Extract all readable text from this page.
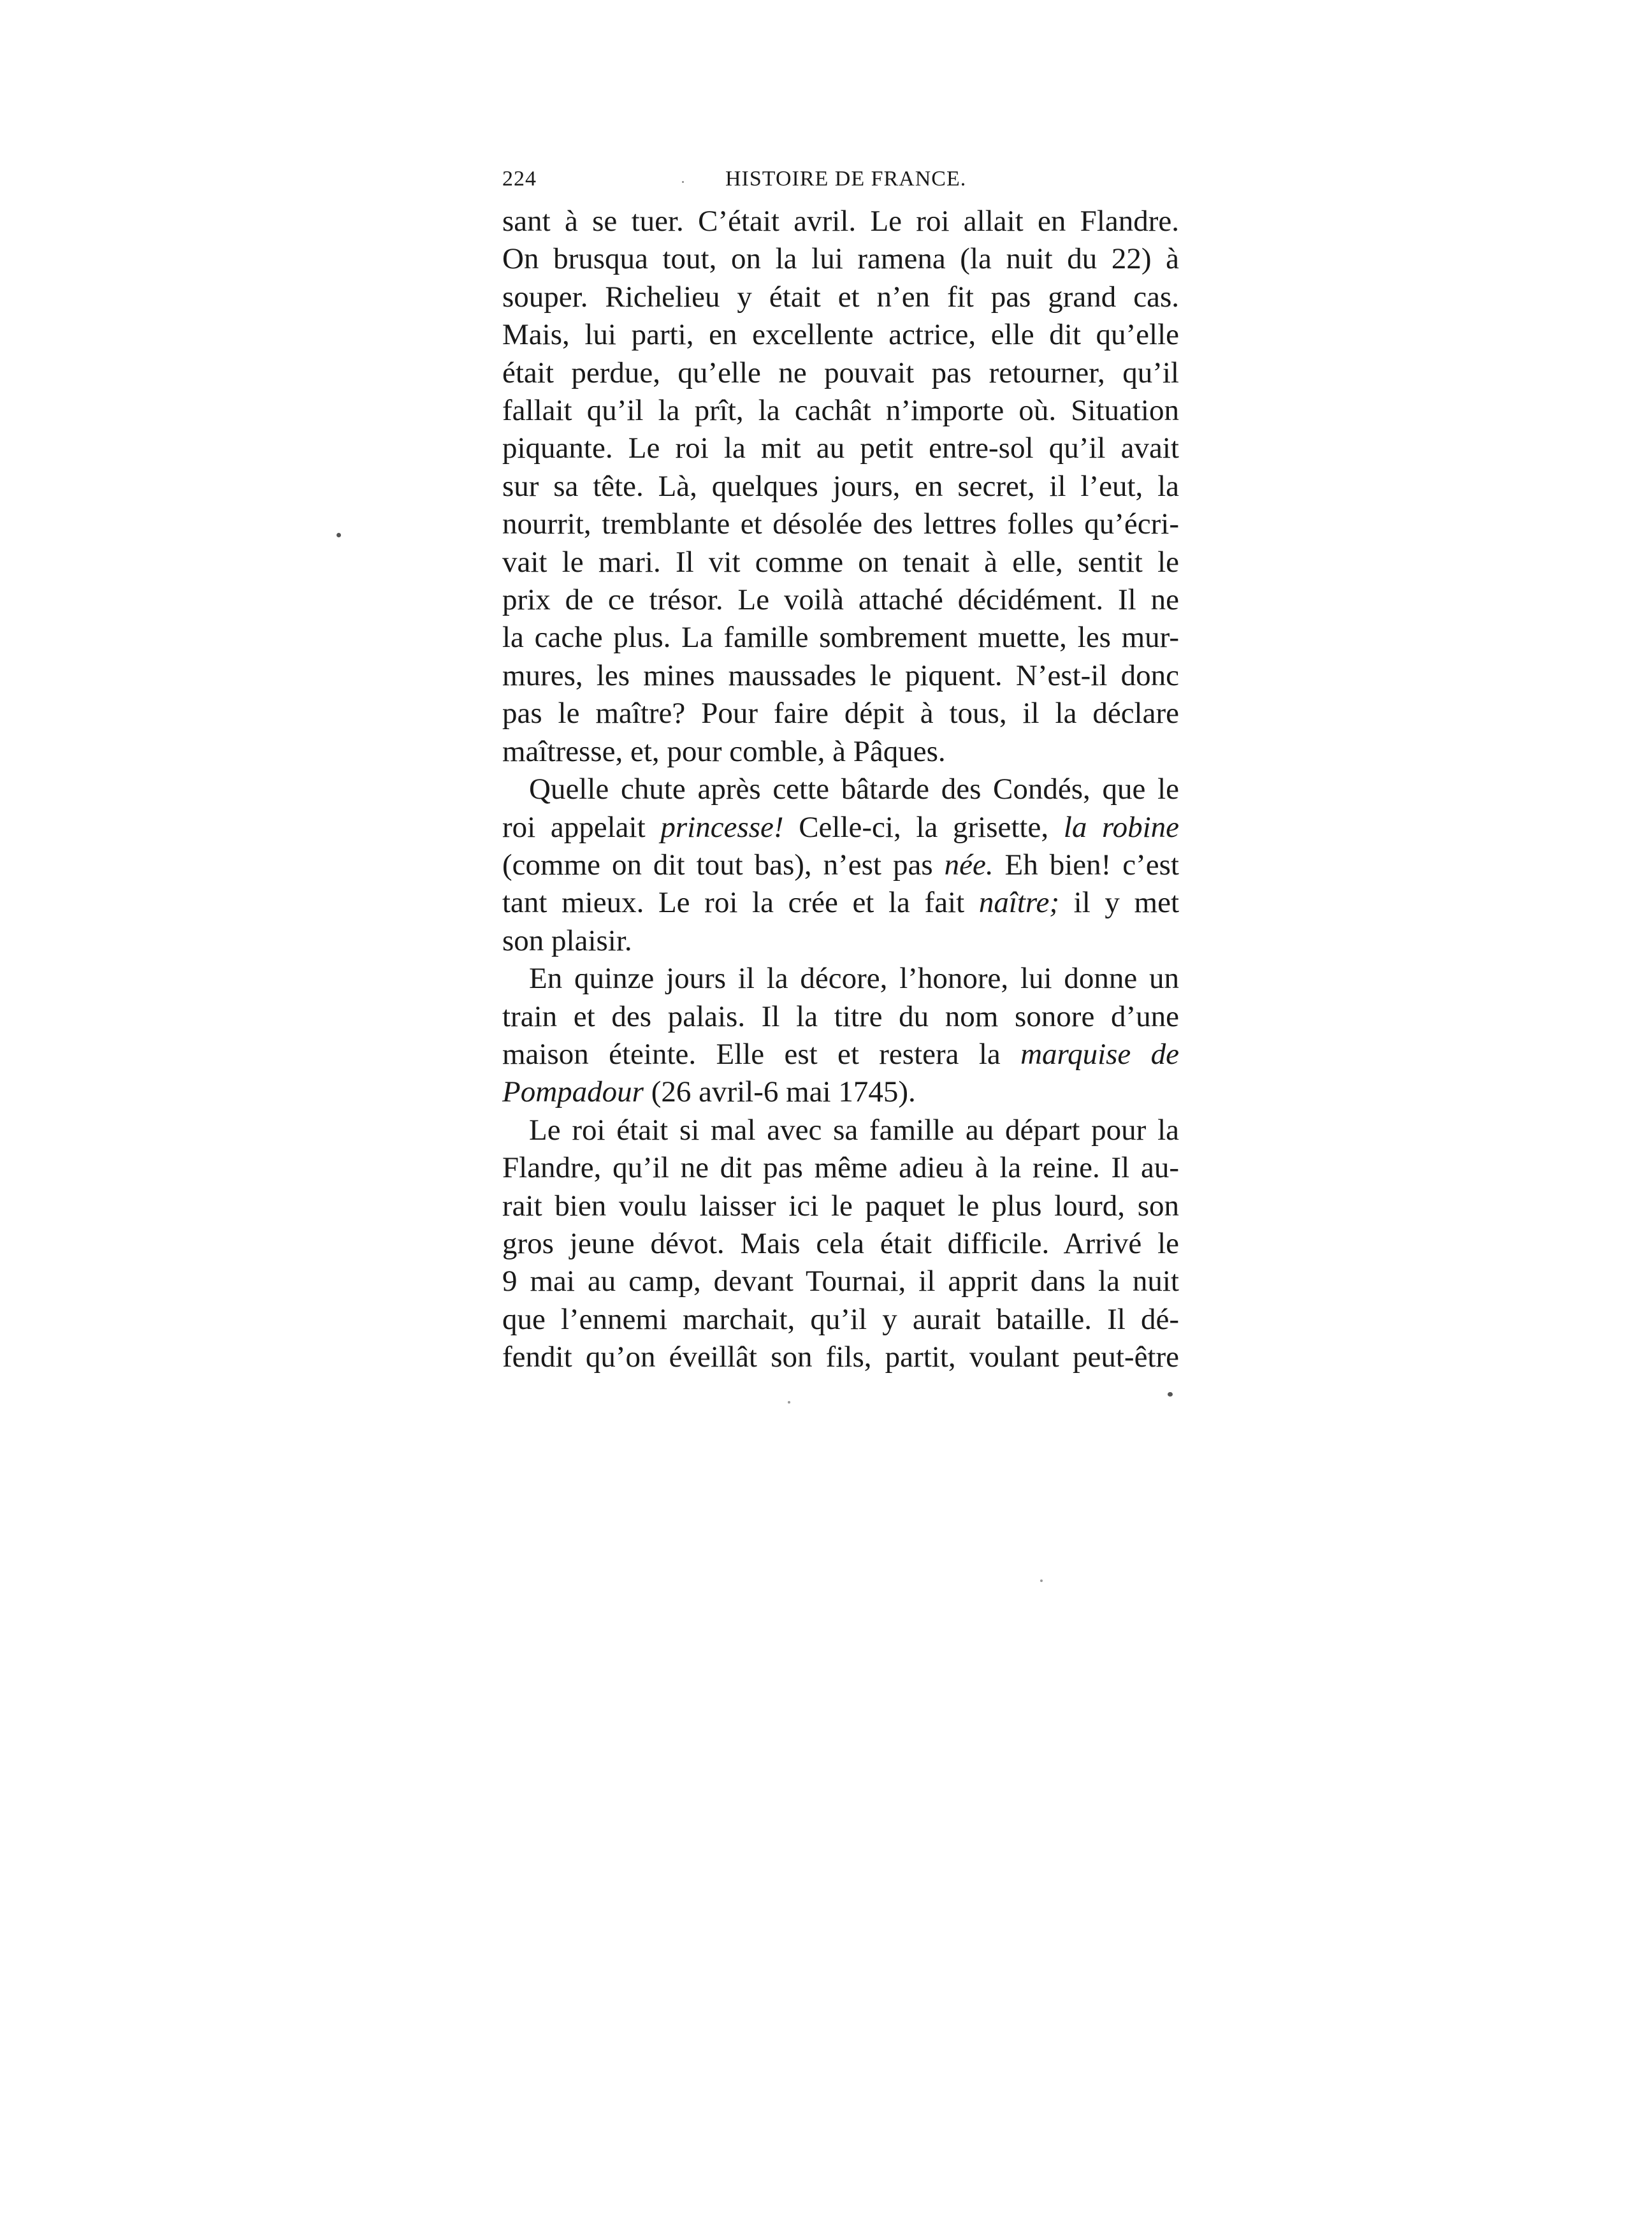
224	HISTOIRE DE FRANCE.
sant à se tuer. C’était avril. Le roi allait en Flandre.
On brusqua tout, on la lui ramena (la nuit du 22) à
souper. Richelieu y était et n’en fit pas grand cas.
Mais, lui parti, en excellente actrice, elle dit qu’elle
était perdue, qu’elle ne pouvait pas retourner, qu’il
fallait qu’il la prît, la cachât n’importe où. Situation
piquante. Le roi la mit au petit entre-sol qu’il avait
sur sa tête. Là, quelques jours, en secret, il l’eut, la
nourrit, tremblante et désolée des lettres folles qu’écri-
vait le mari. Il vit comme on tenait à elle, sentit le
prix de ce trésor. Le voilà attaché décidément. Il ne
la cache plus. La famille sombrement muette, les mur-
mures, les mines maussades le piquent. N’est-il donc
pas le maître? Pour faire dépit à tous, il la déclare
maîtresse, et, pour comble, à Pâques.
Quelle chute après cette bâtarde des Condés, que le
roi appelait princesse! Celle-ci, la grisette, la robine
(comme on dit tout bas), n’est pas née. Eh bien! c’est
tant mieux. Le roi la crée et la fait naître; il y met
son plaisir.
En quinze jours il la décore, l’honore, lui donne un
train et des palais. Il la titre du nom sonore d’une
maison éteinte. Elle est et restera la marquise de
Pompadour (26 avril-6 mai 1745).
Le roi était si mal avec sa famille au départ pour la
Flandre, qu’il ne dit pas même adieu à la reine. Il au-
rait bien voulu laisser ici le paquet le plus lourd, son
gros jeune dévot. Mais cela était difficile. Arrivé le
9 mai au camp, devant Tournai, il apprit dans la nuit
que l’ennemi marchait, qu’il y aurait bataille. Il dé-
fendit qu’on éveillât son fils, partit, voulant peut-être
